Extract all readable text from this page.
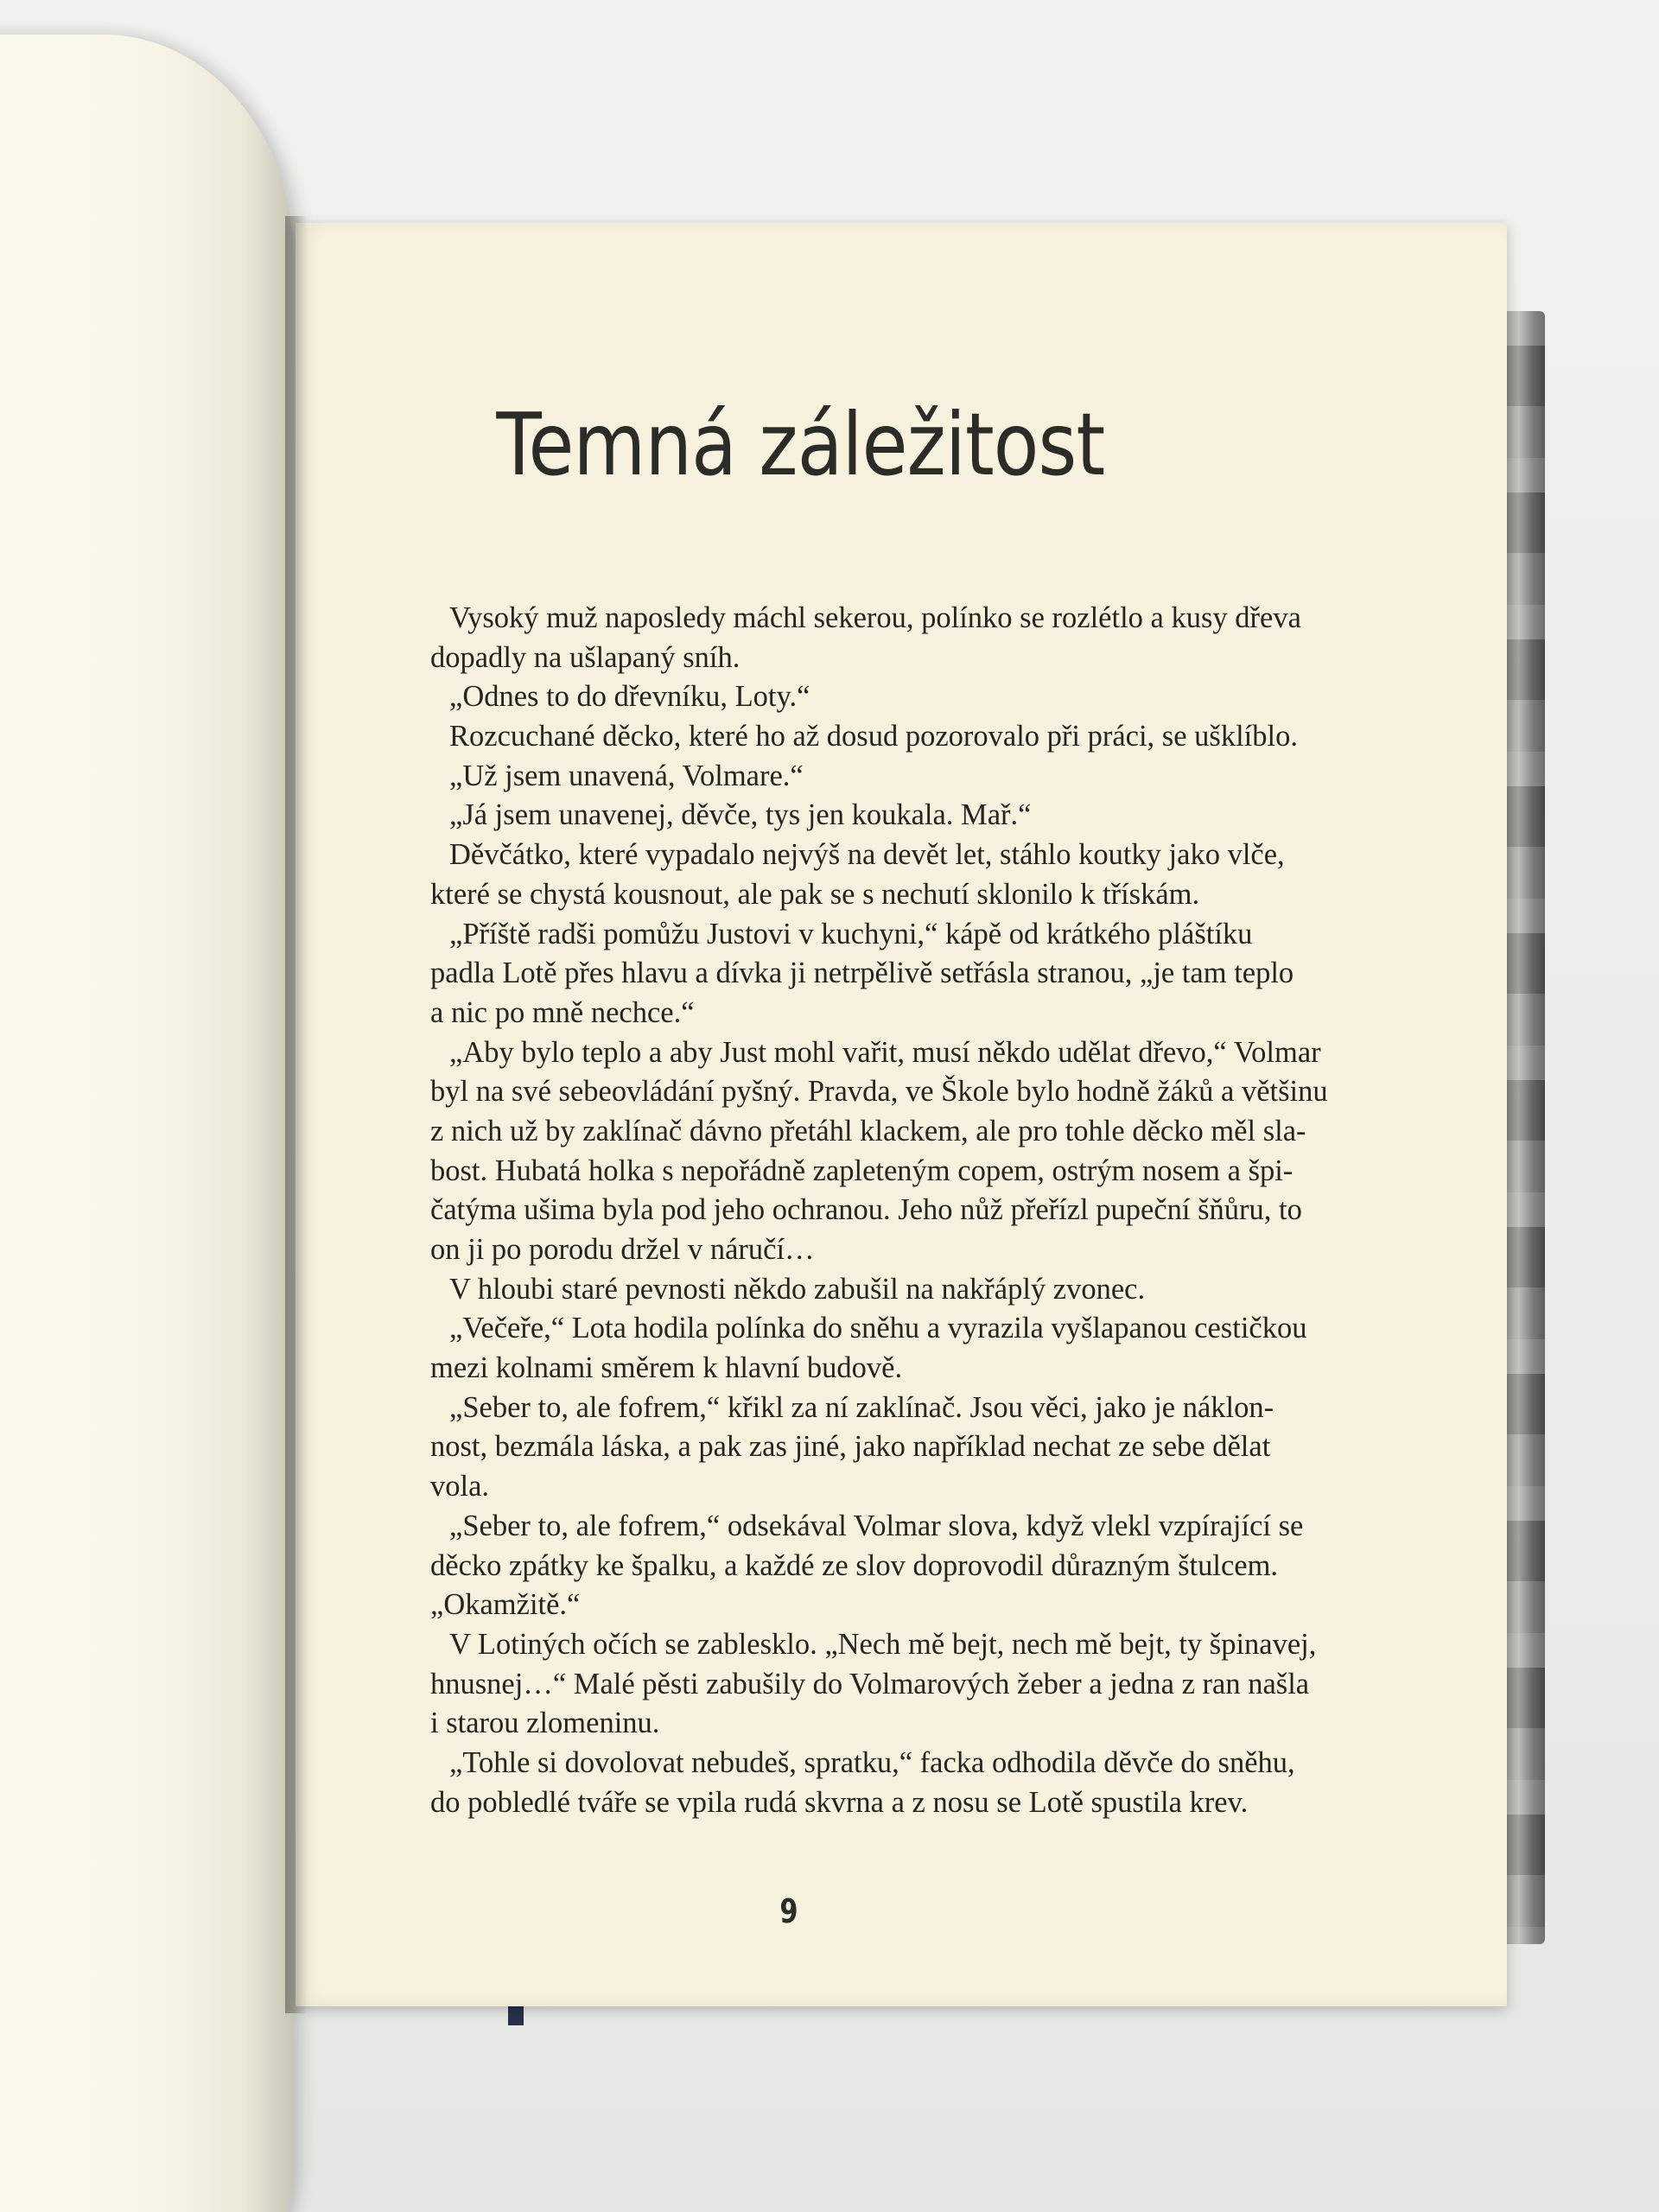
Temná záležitost
Vysoký muž naposledy máchl sekerou, polínko se rozlétlo a kusy dřeva
dopadly na ušlapaný sníh.
„Odnes to do dřevníku, Loty.“
Rozcuchané děcko, které ho až dosud pozorovalo při práci, se ušklíblo.
„Už jsem unavená, Volmare.“
„Já jsem unavenej, děvče, tys jen koukala. Mař.“
Děvčátko, které vypadalo nejvýš na devět let, stáhlo koutky jako vlče,
které se chystá kousnout, ale pak se s nechutí sklonilo k třískám.
„Příště radši pomůžu Justovi v kuchyni,“ kápě od krátkého pláštíku
padla Lotě přes hlavu a dívka ji netrpělivě setřásla stranou, „je tam teplo
a nic po mně nechce.“
„Aby bylo teplo a aby Just mohl vařit, musí někdo udělat dřevo,“ Volmar
byl na své sebeovládání pyšný. Pravda, ve Škole bylo hodně žáků a většinu
z nich už by zaklínač dávno přetáhl klackem, ale pro tohle děcko měl sla-
bost. Hubatá holka s nepořádně zapleteným copem, ostrým nosem a špi-
čatýma ušima byla pod jeho ochranou. Jeho nůž přeřízl pupeční šňůru, to
on ji po porodu držel v náručí…
V hloubi staré pevnosti někdo zabušil na nakřáplý zvonec.
„Večeře,“ Lota hodila polínka do sněhu a vyrazila vyšlapanou cestičkou
mezi kolnami směrem k hlavní budově.
„Seber to, ale fofrem,“ křikl za ní zaklínač. Jsou věci, jako je náklon-
nost, bezmála láska, a pak zas jiné, jako například nechat ze sebe dělat
vola.
„Seber to, ale fofrem,“ odsekával Volmar slova, když vlekl vzpírající se
děcko zpátky ke špalku, a každé ze slov doprovodil důrazným štulcem.
„Okamžitě.“
V Lotiných očích se zablesklo. „Nech mě bejt, nech mě bejt, ty špinavej,
hnusnej…“ Malé pěsti zabušily do Volmarových žeber a jedna z ran našla
i starou zlomeninu.
„Tohle si dovolovat nebudeš, spratku,“ facka odhodila děvče do sněhu,
do pobledlé tváře se vpila rudá skvrna a z nosu se Lotě spustila krev.
9
